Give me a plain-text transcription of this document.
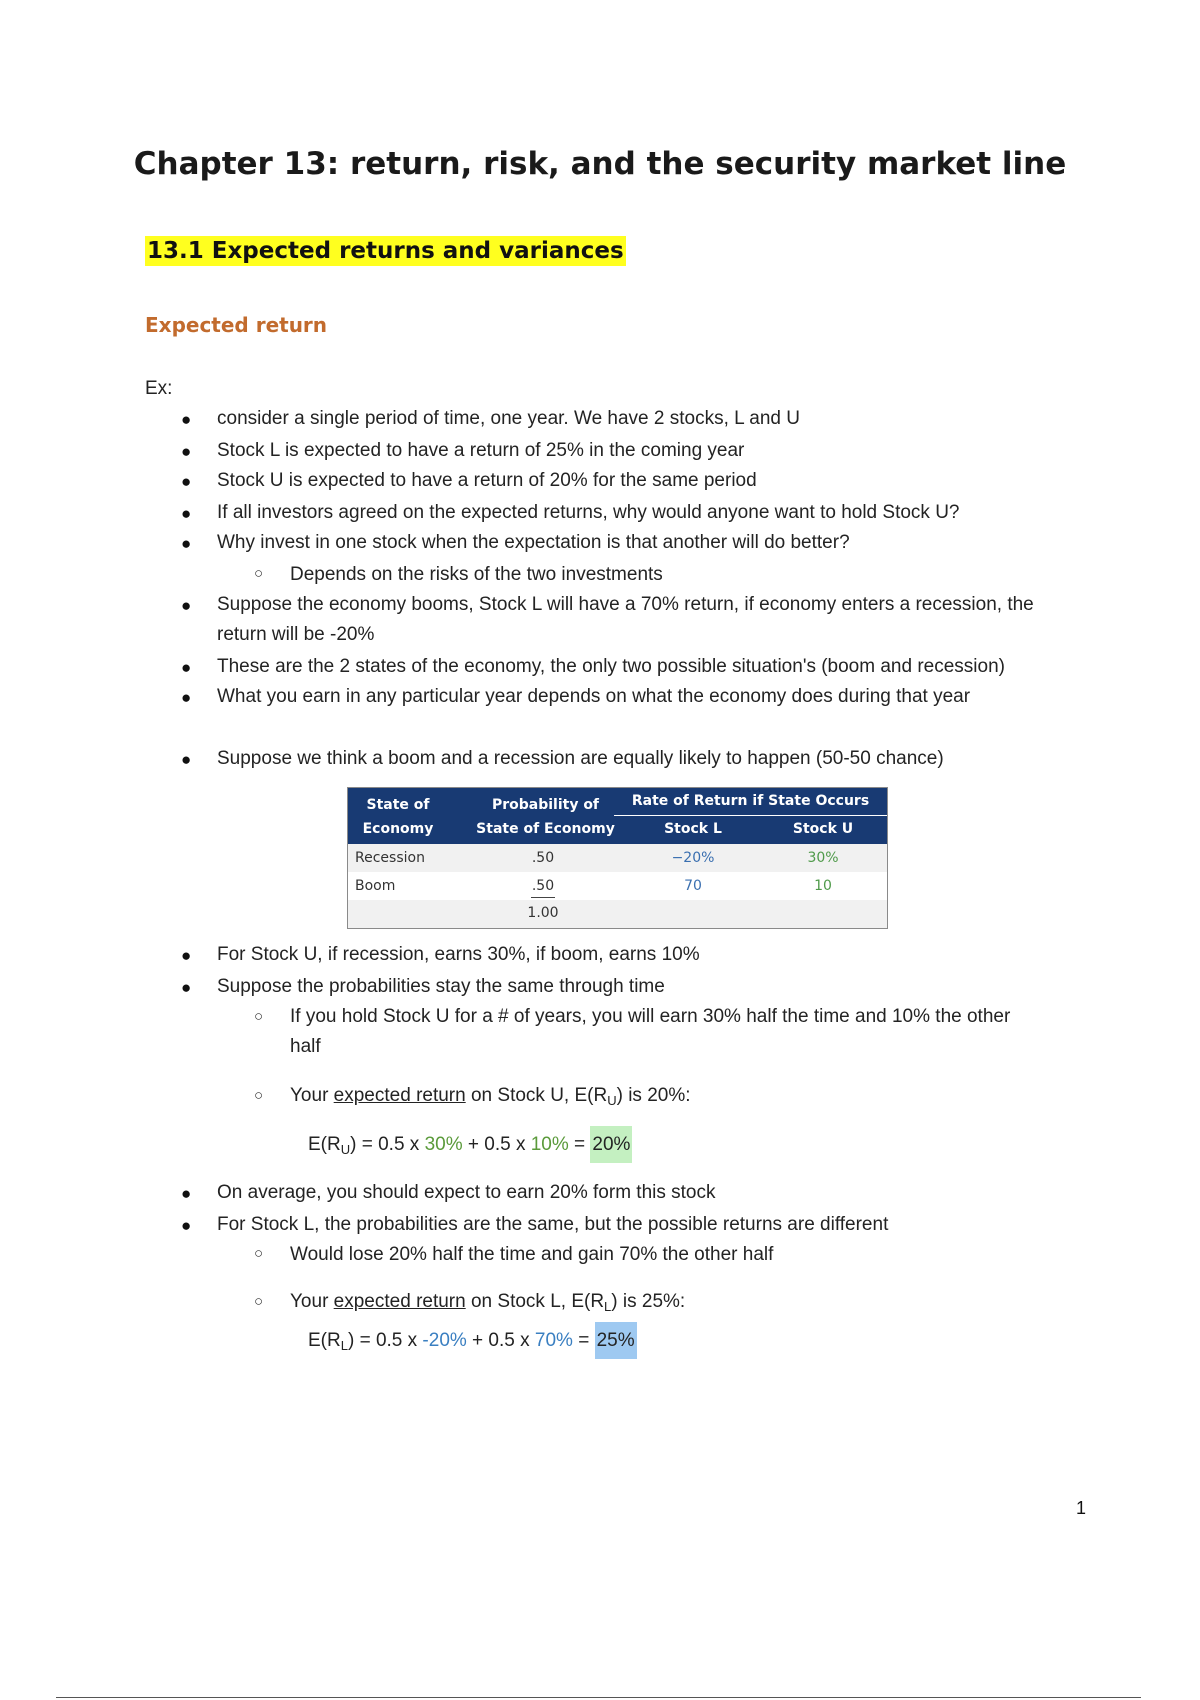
Chapter 13: return, risk, and the security market line
13.1 Expected returns and variances
Expected return
Ex:
● consider a single period of time, one year. We have 2 stocks, L and U
● Stock L is expected to have a return of 25% in the coming year
● Stock U is expected to have a return of 20% for the same period
● If all investors agreed on the expected returns, why would anyone want to hold Stock U?
● Why invest in one stock when the expectation is that another will do better?
○ Depends on the risks of the two investments
● Suppose the economy booms, Stock L will have a 70% return, if economy enters a recession, the
return will be -20%
● These are the 2 states of the economy, the only two possible situation's (boom and recession)
● What you earn in any particular year depends on what the economy does during that year
● Suppose we think a boom and a recession are equally likely to happen (50-50 chance)
State of
Economy
Probability of
State of Economy
Rate of Return if State Occurs
Stock L	Stock U
Recession	.50	−20%	30%
Boom	.50	70	10
1.00
● For Stock U, if recession, earns 30%, if boom, earns 10%
● Suppose the probabilities stay the same through time
○ If you hold Stock U for a # of years, you will earn 30% half the time and 10% the other
half
○ Your expected return on Stock U, $E(R_U)$ is 20%:
$E(R_U) = 0.5$ x 30% + 0.5 x 10% = 20%
● On average, you should expect to earn 20% form this stock
● For Stock L, the probabilities are the same, but the possible returns are different
○ Would lose 20% half the time and gain 70% the other half
○ Your expected return on Stock L, $E(R_L)$ is 25%:
$E(R_L) = 0.5$ x -20% + 0.5 x 70% = 25%
1
